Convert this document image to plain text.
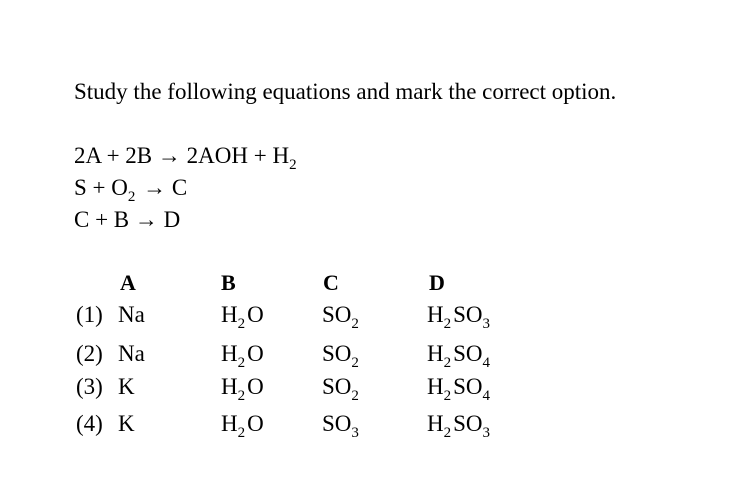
Study the following equations and mark the correct option.
$2A + 2B \to 2AOH + H_2$
$S + O_2 \to C$
C + B → D
A	B	C	D
(1) Na	$H_2O$	$SO_2$	$H_2SO_3$
(2) Na	$H_2O$	$SO_2$	$H_2SO_4$
(3) K	$H_2O$	$SO_2$	$H_2SO_4$
(4) K	$H_2O$	$SO_3$	$H_2SO_3$
